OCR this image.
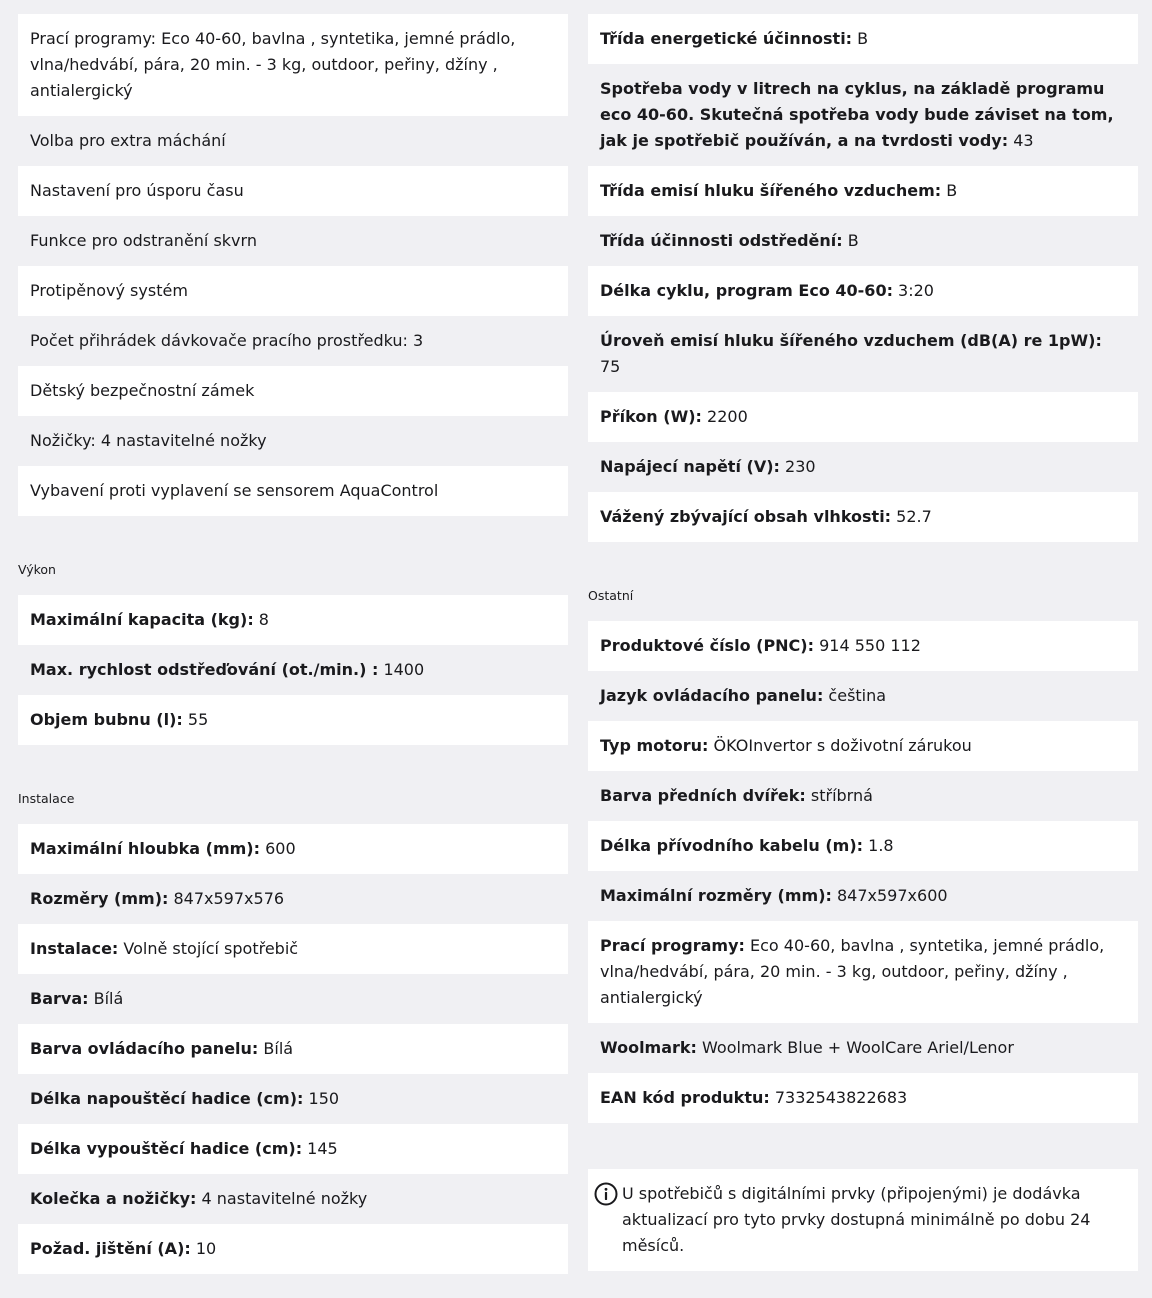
Prací programy: Eco 40-60, bavlna , syntetika, jemné prádlo, vlna/hedvábí, pára, 20 min. - 3 kg, outdoor, peřiny, džíny , antialergický
Volba pro extra máchání
Nastavení pro úsporu času
Funkce pro odstranění skvrn
Protipěnový systém
Počet přihrádek dávkovače pracího prostředku: 3
Dětský bezpečnostní zámek
Nožičky: 4 nastavitelné nožky
Vybavení proti vyplavení se sensorem AquaControl

Výkon

Maximální kapacita (kg): 8
Max. rychlost odstřeďování (ot./min.) : 1400
Objem bubnu (l): 55

Instalace

Maximální hloubka (mm): 600
Rozměry (mm): 847x597x576
Instalace: Volně stojící spotřebič
Barva: Bílá
Barva ovládacího panelu: Bílá
Délka napouštěcí hadice (cm): 150
Délka vypouštěcí hadice (cm): 145
Kolečka a nožičky: 4 nastavitelné nožky
Požad. jištění (A): 10
Třída energetické účinnosti: B
Spotřeba vody v litrech na cyklus, na základě programu eco 40-60. Skutečná spotřeba vody bude záviset na tom, jak je spotřebič používán, a na tvrdosti vody: 43
Třída emisí hluku šířeného vzduchem: B
Třída účinnosti odstředění: B
Délka cyklu, program Eco 40-60: 3:20
Úroveň emisí hluku šířeného vzduchem (dB(A) re 1pW): 75
Příkon (W): 2200
Napájecí napětí (V): 230
Vážený zbývající obsah vlhkosti: 52.7

Ostatní

Produktové číslo (PNC): 914 550 112
Jazyk ovládacího panelu: čeština
Typ motoru: ÖKOInvertor s doživotní zárukou
Barva předních dvířek: stříbrná
Délka přívodního kabelu (m): 1.8
Maximální rozměry (mm): 847x597x600
Prací programy: Eco 40-60, bavlna , syntetika, jemné prádlo, vlna/hedvábí, pára, 20 min. - 3 kg, outdoor, peřiny, džíny , antialergický
Woolmark: Woolmark Blue + WoolCare Ariel/Lenor
EAN kód produktu: 7332543822683
U spotřebičů s digitálními prvky (připojenými) je dodávka aktualizací pro tyto prvky dostupná minimálně po dobu 24 měsíců.
